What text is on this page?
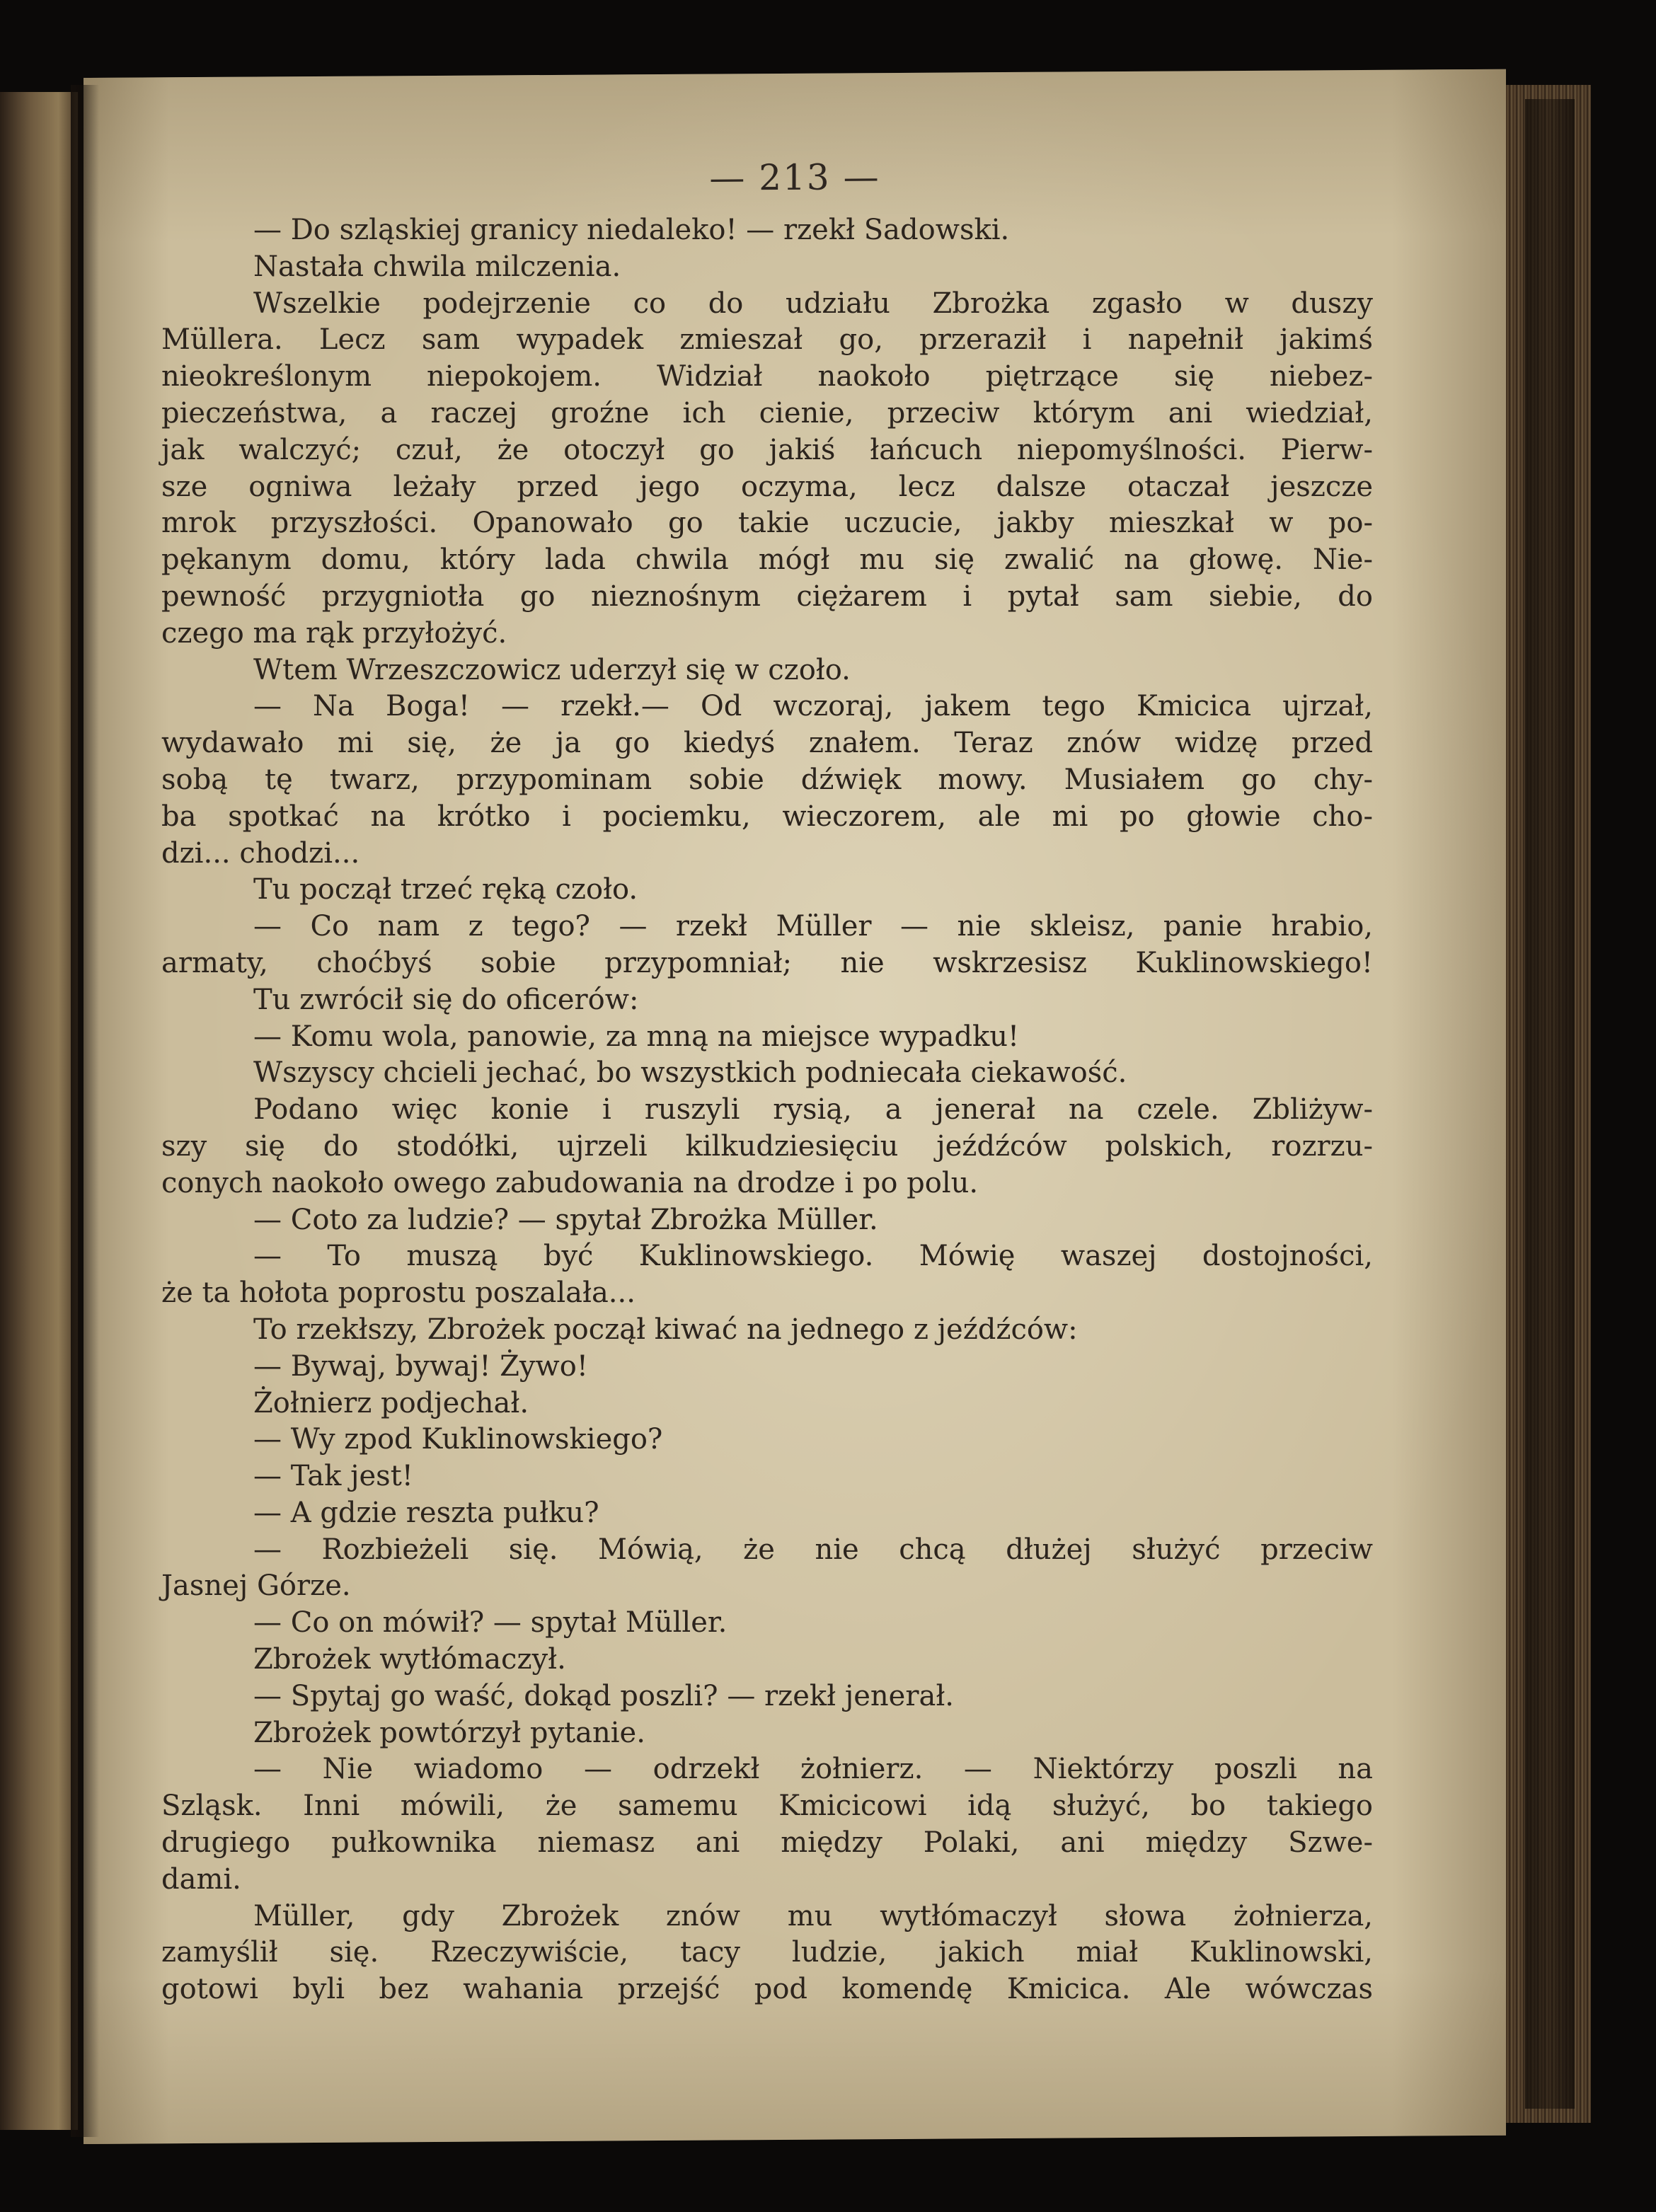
— 213 —
— Do szląskiej granicy niedaleko! — rzekł Sadowski.
Nastała chwila milczenia.
Wszelkie podejrzenie co do udziału Zbrożka zgasło w duszy
Müllera. Lecz sam wypadek zmieszał go, przeraził i napełnił jakimś
nieokreślonym niepokojem. Widział naokoło piętrzące się niebez-
pieczeństwa, a raczej groźne ich cienie, przeciw którym ani wiedział,
jak walczyć; czuł, że otoczył go jakiś łańcuch niepomyślności. Pierw-
sze ogniwa leżały przed jego oczyma, lecz dalsze otaczał jeszcze
mrok przyszłości. Opanowało go takie uczucie, jakby mieszkał w po-
pękanym domu, który lada chwila mógł mu się zwalić na głowę. Nie-
pewność przygniotła go nieznośnym ciężarem i pytał sam siebie, do
czego ma rąk przyłożyć.
Wtem Wrzeszczowicz uderzył się w czoło.
— Na Boga! — rzekł.— Od wczoraj, jakem tego Kmicica ujrzał,
wydawało mi się, że ja go kiedyś znałem. Teraz znów widzę przed
sobą tę twarz, przypominam sobie dźwięk mowy. Musiałem go chy-
ba spotkać na krótko i pociemku, wieczorem, ale mi po głowie cho-
dzi... chodzi...
Tu począł trzeć ręką czoło.
— Co nam z tego? — rzekł Müller — nie skleisz, panie hrabio,
armaty, choćbyś sobie przypomniał; nie wskrzesisz Kuklinowskiego!
Tu zwrócił się do oficerów:
— Komu wola, panowie, za mną na miejsce wypadku!
Wszyscy chcieli jechać, bo wszystkich podniecała ciekawość.
Podano więc konie i ruszyli rysią, a jenerał na czele. Zbliżyw-
szy się do stodółki, ujrzeli kilkudziesięciu jeźdźców polskich, rozrzu-
conych naokoło owego zabudowania na drodze i po polu.
— Coto za ludzie? — spytał Zbrożka Müller.
— To muszą być Kuklinowskiego. Mówię waszej dostojności,
że ta hołota poprostu poszalała...
To rzekłszy, Zbrożek począł kiwać na jednego z jeźdźców:
— Bywaj, bywaj! Żywo!
Żołnierz podjechał.
— Wy zpod Kuklinowskiego?
— Tak jest!
— A gdzie reszta pułku?
— Rozbieżeli się. Mówią, że nie chcą dłużej służyć przeciw
Jasnej Górze.
— Co on mówił? — spytał Müller.
Zbrożek wytłómaczył.
— Spytaj go waść, dokąd poszli? — rzekł jenerał.
Zbrożek powtórzył pytanie.
— Nie wiadomo — odrzekł żołnierz. — Niektórzy poszli na
Szląsk. Inni mówili, że samemu Kmicicowi idą służyć, bo takiego
drugiego pułkownika niemasz ani między Polaki, ani między Szwe-
dami.
Müller, gdy Zbrożek znów mu wytłómaczył słowa żołnierza,
zamyślił się. Rzeczywiście, tacy ludzie, jakich miał Kuklinowski,
gotowi byli bez wahania przejść pod komendę Kmicica. Ale wówczas
